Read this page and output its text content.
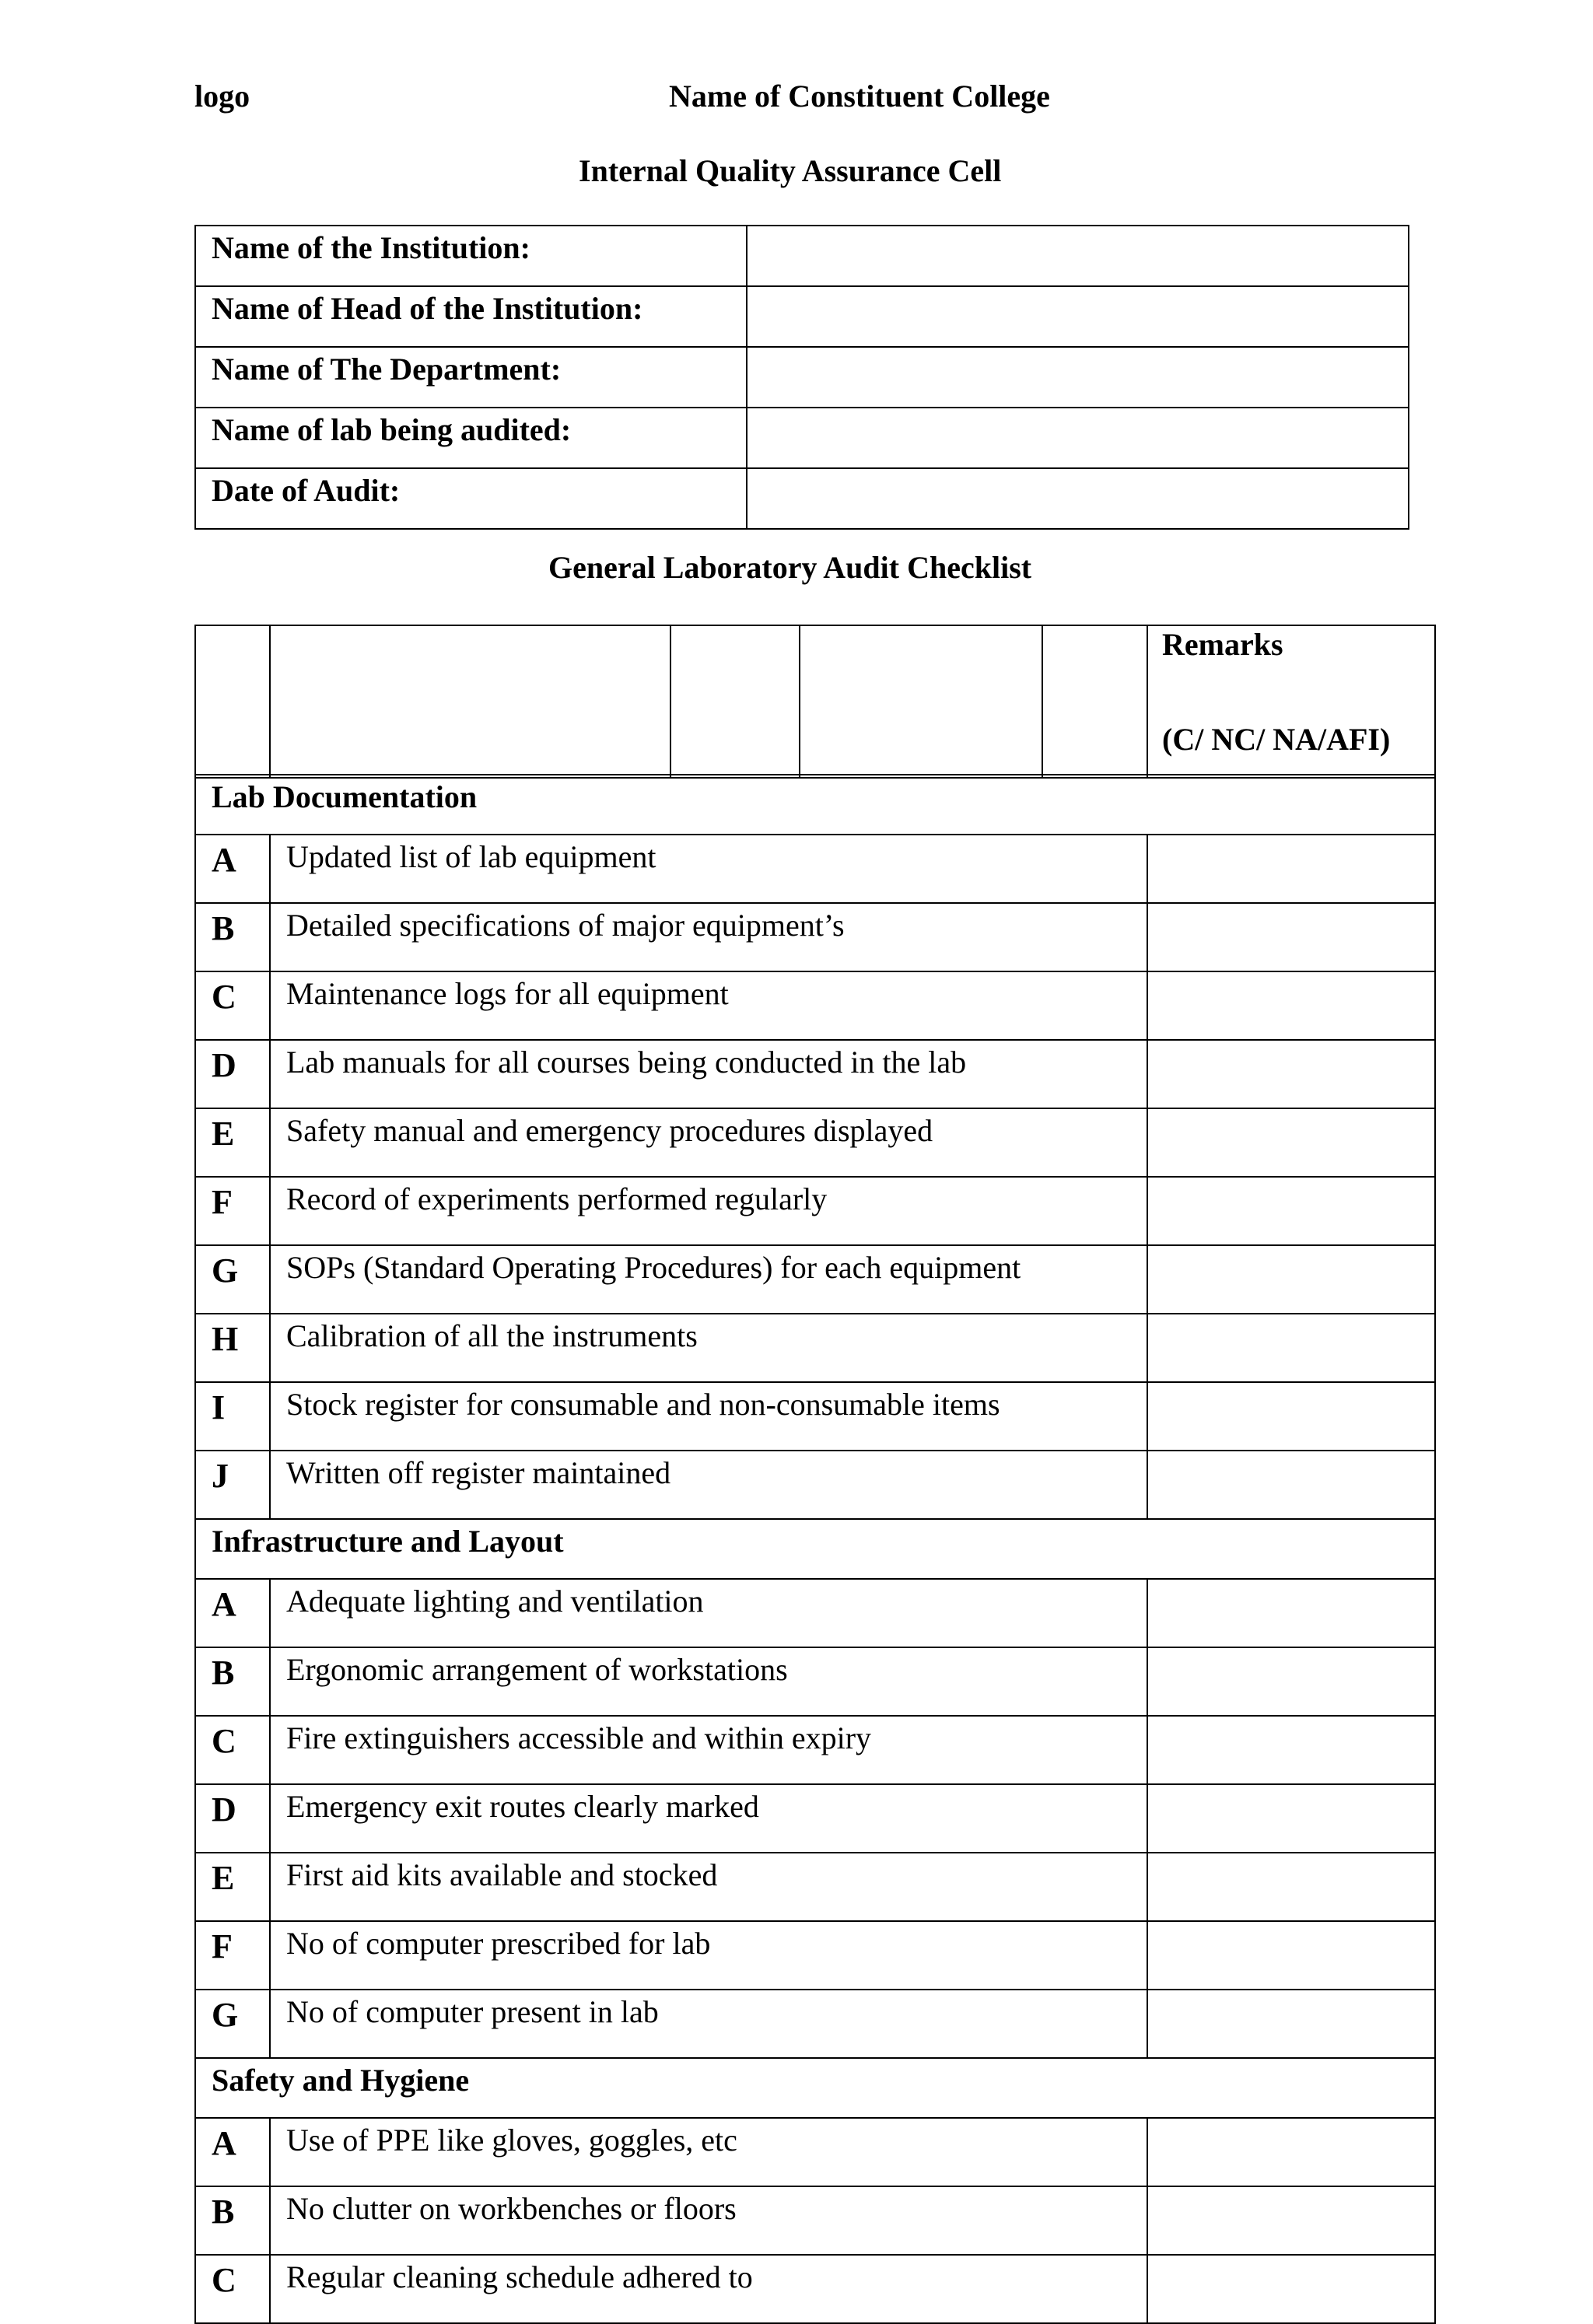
logo	Name of Constituent College
Internal Quality Assurance Cell
Name of the Institution:	
Name of Head of the Institution:	
Name of The Department:	
Name of lab being audited:	
Date of Audit:	
General Laboratory Audit Checklist

Remarks
(C/ NC/ NA/AFI)
Lab Documentation		
A	Updated list of lab equipment	
B	Detailed specifications of major equipment’s	
C	Maintenance logs for all equipment	
D	Lab manuals for all courses being conducted in the lab	
E	Safety manual and emergency procedures displayed	
F	Record of experiments performed regularly	
G	SOPs (Standard Operating Procedures) for each equipment	
H	Calibration of all the instruments	
I	Stock register for consumable and non-consumable items	
J	Written off register maintained	
Infrastructure and Layout		
A	Adequate lighting and ventilation	
B	Ergonomic arrangement of workstations	
C	Fire extinguishers accessible and within expiry	
D	Emergency exit routes clearly marked	
E	First aid kits available and stocked	
F	No of computer prescribed for lab	
G	No of computer present in lab	
Safety and Hygiene		
A	Use of PPE like gloves, goggles, etc	
B	No clutter on workbenches or floors	
C	Regular cleaning schedule adhered to	
